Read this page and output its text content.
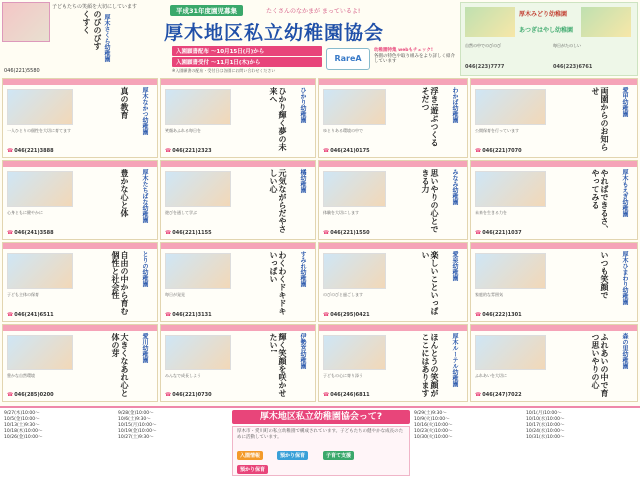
子どもたちの笑顔を大切にしています
のびのびすくすく	厚木さくら幼稚園
046(221)5580
平成31年度園児募集	たくさんのなかまが まっているよ!
厚木地区私立幼稚園協会
入園願書配布 〜10月15日(月)から
入園願書受付 〜11月1日(木)から
※入園願書の配布・受付日は各園にお問い合わせください
RareA
幼稚園特集 webもチェック!
各園の特色や取り組みをより詳しく紹介しています
厚木みどり幼稚園
あつぎはやし幼稚園
自然の中でのびのび	毎日がたのしい
046(223)7777	046(223)6761
真の教育 厚木なかつ幼稚園
一人ひとりの個性を大切に育てます
☎ 046(221)3888	ひかり輝く夢の未来へ	ひかり幼稚園
笑顔あふれる毎日を
☎ 046(221)2323
浮き!遊ぶつくるそだつ	わかば幼稚園
ゆとりある環境の中で
☎ 046(241)0175	両園からのお知らせ	愛甲幼稚園
公開保育を行っています
☎ 046(221)7070
豊かな心と体 厚木たちばな幼稚園
心身ともに健やかに
☎ 046(241)3588	元気ながらだやさしい心	橘幼稚園
遊びを通して学ぶ
☎ 046(221)1155	思いやりの心とできる力	みなみ幼稚園
体験を大切にします
☎ 046(221)1550	やればできるさ、やってみる	厚木もえぎ幼稚園
未来を生きる力を
☎ 046(221)1037
自由の中から育む個性と社会性	とりの幼稚園
子ども主体の保育
☎ 046(241)6511	わくわくドキドキいっぱい	すみれ幼稚園
毎日が発見
☎ 046(221)3131	楽しいこといっぱい	愛泉幼稚園
のびのびと過ごします
☎ 046(295)0421
いつも笑顔で 厚木ひまわり幼稚園
家庭的な雰囲気
☎ 046(222)1301
大きくなあれ心と体の芽	愛川幼稚園
豊かな自然環境
☎ 046(285)0200	輝く笑顔を咲かせたい!	伊勢宮幼稚園
みんなで成長しよう
☎ 046(221)0730	ほんとうの笑顔がここにはあります	厚木ルーテル幼稚園
子どもの心に寄り添う
☎ 046(246)6811	ふれあいの中で育つ思いやりの心	森の里幼稚園
ふれあいを大切に
☎ 046(247)7022
9/27(木)10:00〜
10/5(金)10:00〜
10/13(土)9:30〜
10/18(木)10:00〜
10/26(金)10:00〜
9/28(金)10:00〜
10/6(土)9:30〜
10/15(月)10:00〜
10/19(金)10:00〜
10/27(土)9:30〜
厚木地区私立幼稚園協会って?
厚木市・愛川町の私立幼稚園で構成されています。子どもたちの健やかな成長のために活動しています。
入園情報	預かり保育	子育て支援
預かり保育
9/29(土)9:30〜
10/9(火)10:00〜
10/16(火)10:00〜
10/23(火)10:00〜
10/30(火)10:00〜
10/1(月)10:00〜
10/10(水)10:00〜
10/17(水)10:00〜
10/24(水)10:00〜
10/31(水)10:00〜
